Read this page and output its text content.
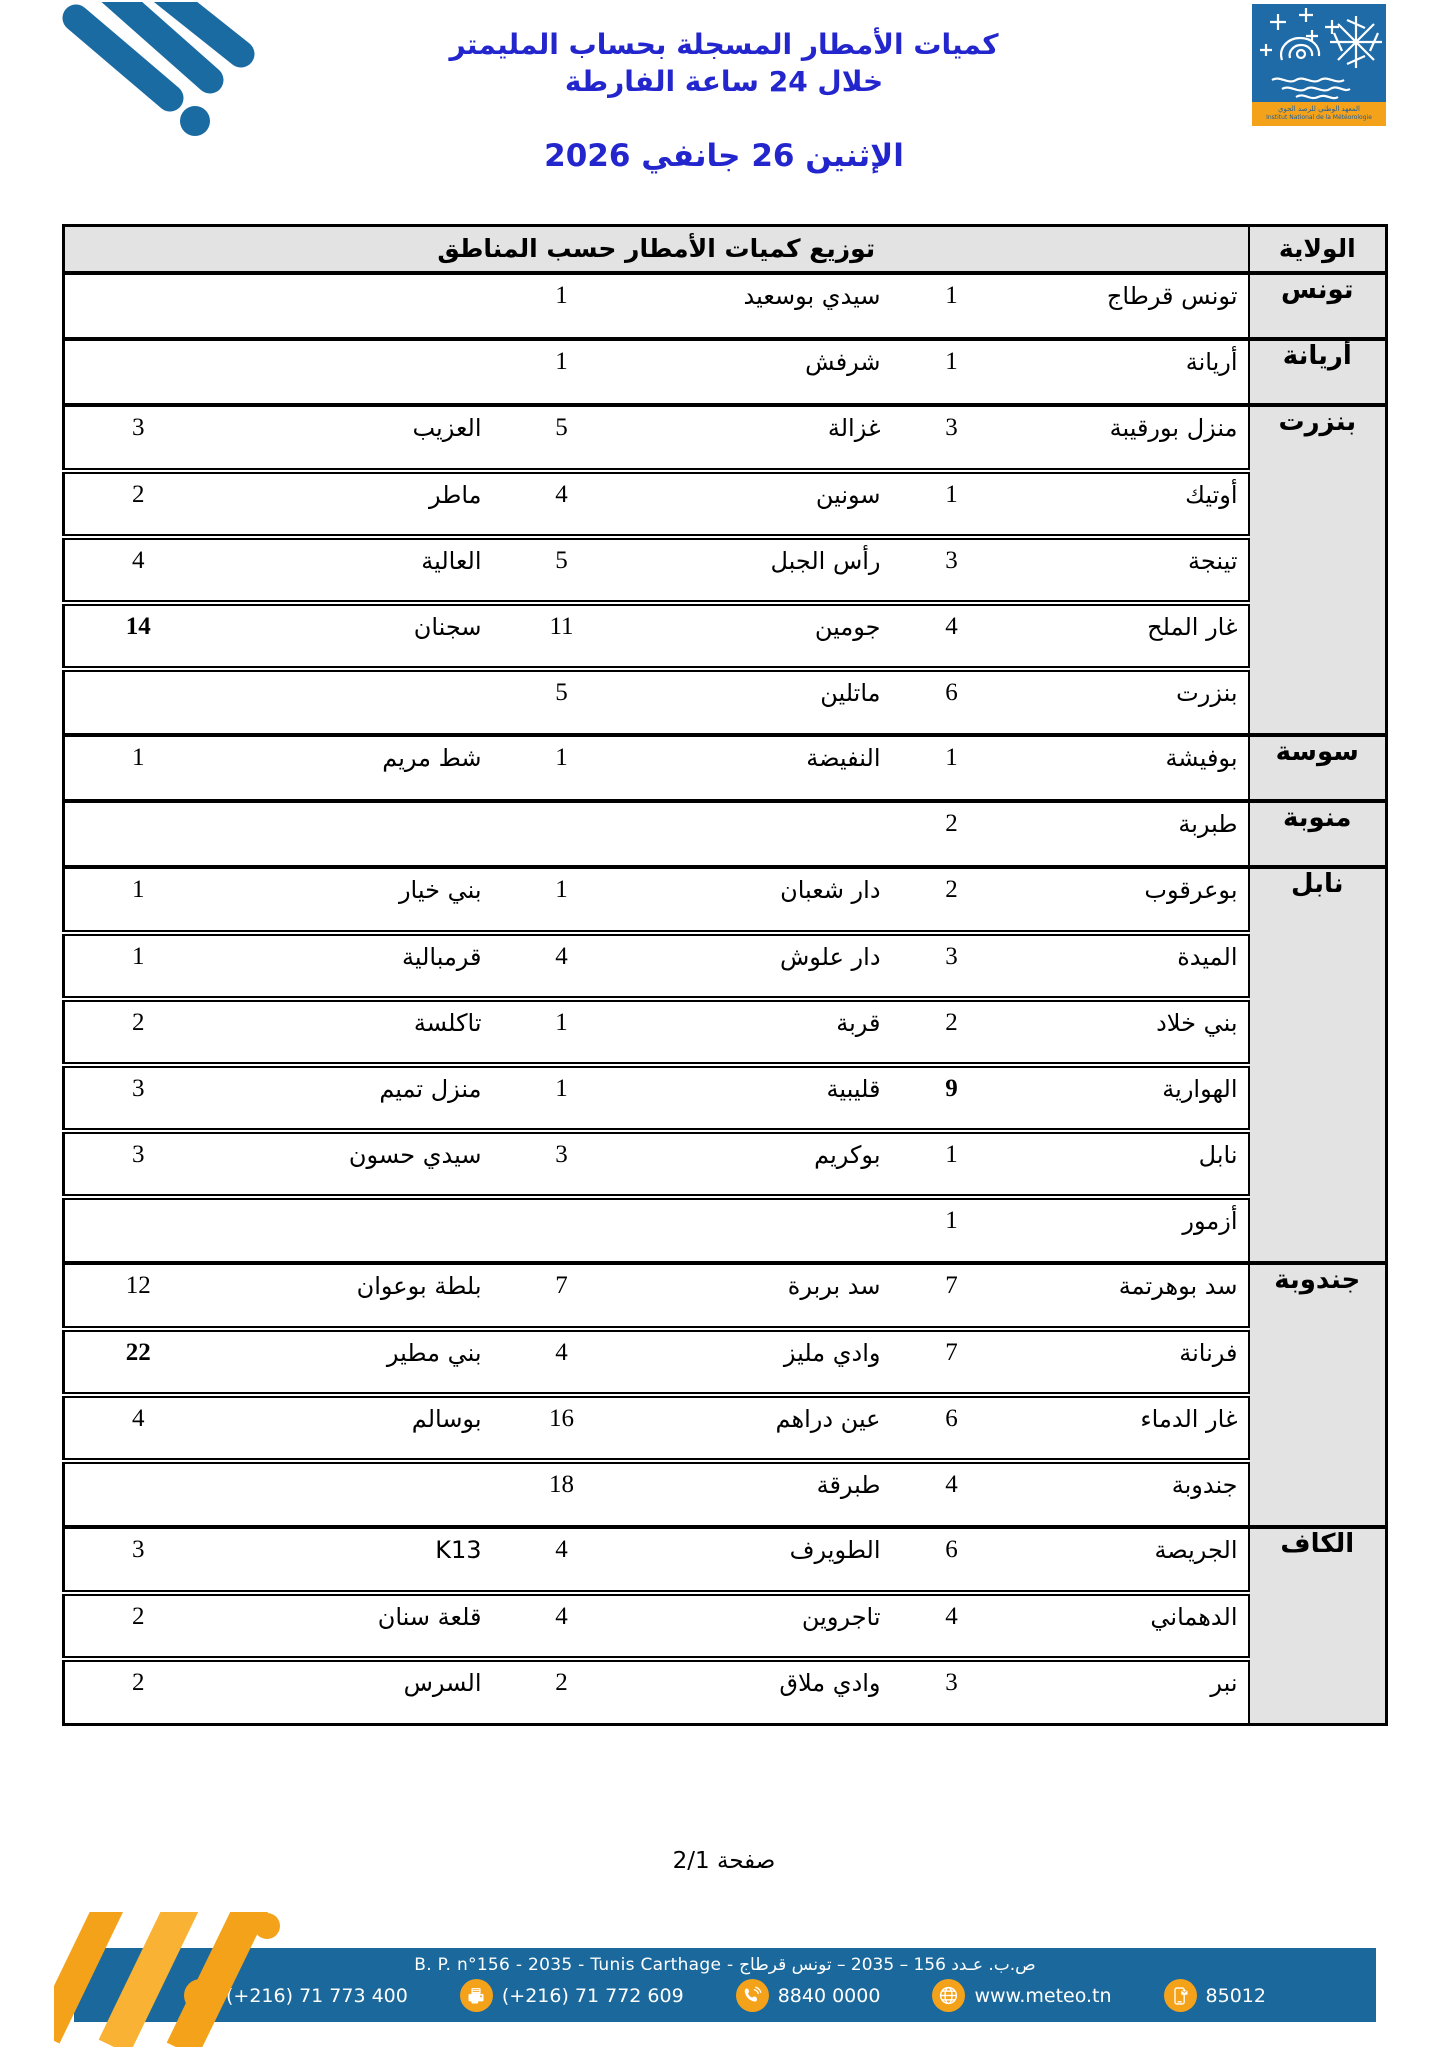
كميات الأمطار المسجلة بحساب المليمتر
خلال 24 ساعة الفارطة
الإثنين 26 جانفي 2026
المعهد الوطني للرصد الجوي
Institut National de la Météorologie
الولاية	توزيع كميات الأمطار حسب المناطق					
تونس	تونس قرطاج	1	سيدي بوسعيد	1		
أريانة	أريانة	1	شرفش	1		
بنزرت	منزل بورقيبة	3	غزالة	5	العزيب	3
	أوتيك	1	سونين	4	ماطر	2
	تينجة	3	رأس الجبل	5	العالية	4
	غار الملح	4	جومين	11	سجنان	14
	بنزرت	6	ماتلين	5		
سوسة	بوفيشة	1	النفيضة	1	شط مريم	1
منوبة	طبربة	2				
نابل	بوعرقوب	2	دار شعبان	1	بني خيار	1
	الميدة	3	دار علوش	4	قرمبالية	1
	بني خلاد	2	قربة	1	تاكلسة	2
	الهوارية	9	قليبية	1	منزل تميم	3
	نابل	1	بوكريم	3	سيدي حسون	3
	أزمور	1				
جندوبة	سد بوهرتمة	7	سد بربرة	7	بلطة بوعوان	12
	فرنانة	7	وادي مليز	4	بني مطير	22
	غار الدماء	6	عين دراهم	16	بوسالم	4
	جندوبة	4	طبرقة	18		
الكاف	الجريصة	6	الطويرف	4	K13	3
	الدهماني	4	تاجروين	4	قلعة سنان	2
	نبر	3	وادي ملاق	2	السرس	2
صفحة 2/1
B. P. n°156 - 2035 - Tunis Carthage - ص.ب. عـدد 156 – 2035 – تونس قرطاج
(+216) 71 773 400	(+216) 71 772 609	8840 0000	www.meteo.tn	85012
